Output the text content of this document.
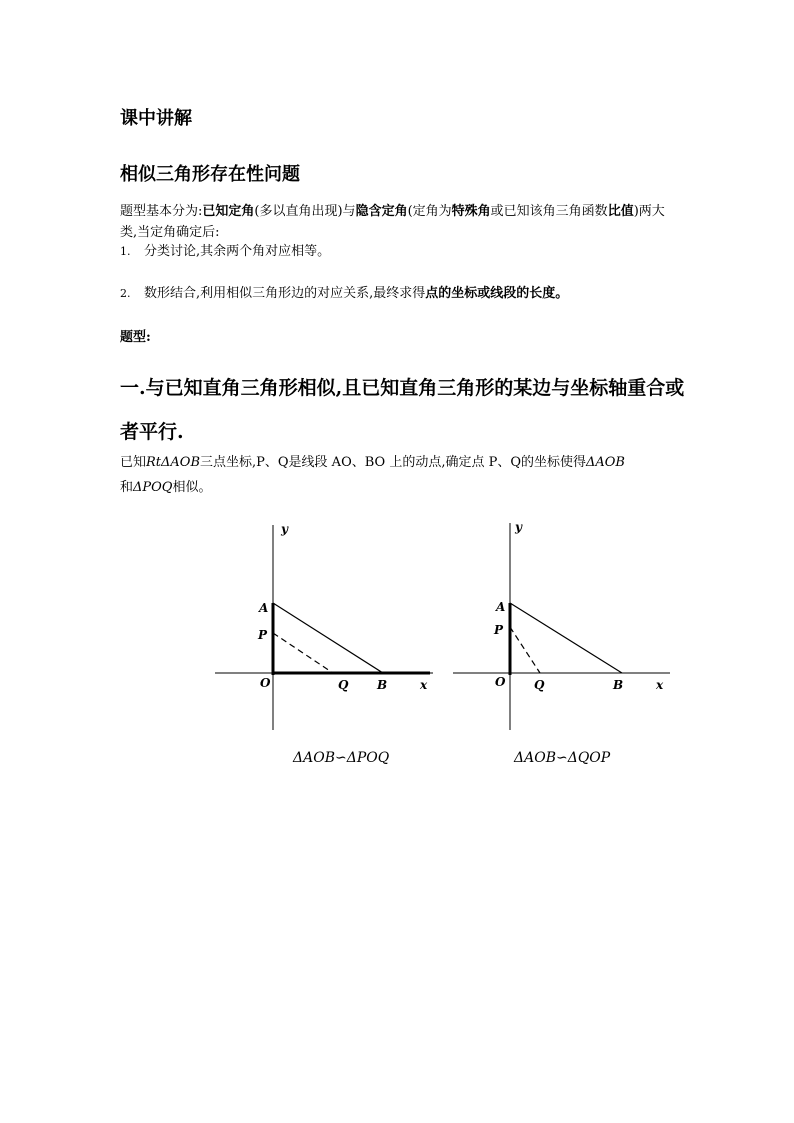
课中讲解
相似三角形存在性问题
题型基本分为:已知定角(多以直角出现)与隐含定角(定角为特殊角或已知该角三角函数比值)两大类,当定角确定后:
1. 分类讨论,其余两个角对应相等。
2. 数形结合,利用相似三角形边的对应关系,最终求得点的坐标或线段的长度。
题型:
一.与已知直角三角形相似,且已知直角三角形的某边与坐标轴重合或者平行.
已知RtΔAOB三点坐标,P、Q是线段 AO、BO 上的动点,确定点 P、Q的坐标使得ΔAOB
和ΔPOQ相似。
y
A
P
O	Q B	x
ΔAOB∽ΔPOQ
y
A
P
O Q	B	x
ΔAOB∽ΔQOP
